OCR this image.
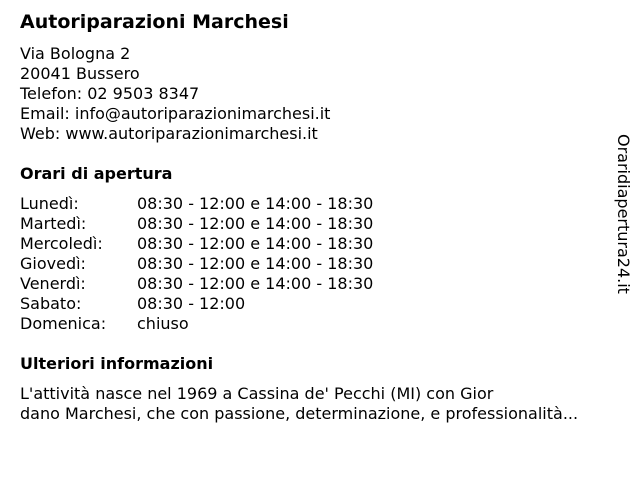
Autoriparazioni Marchesi
Via Bologna 2
20041 Bussero
Telefon: 02 9503 8347
Email: info@autoriparazionimarchesi.it
Web: www.autoriparazionimarchesi.it
Orari di apertura
Lunedì:	08:30 - 12:00 e 14:00 - 18:30
Martedì:	08:30 - 12:00 e 14:00 - 18:30
Mercoledì: 08:30 - 12:00 e 14:00 - 18:30
Giovedì:	08:30 - 12:00 e 14:00 - 18:30
Venerdì:	08:30 - 12:00 e 14:00 - 18:30
Sabato:	08:30 - 12:00
Domenica: chiuso
Ulteriori informazioni
L'attività nasce nel 1969 a Cassina de' Pecchi (MI) con Gior
dano Marchesi, che con passione, determinazione, e professionalità...
Oraridiapertura24.it
